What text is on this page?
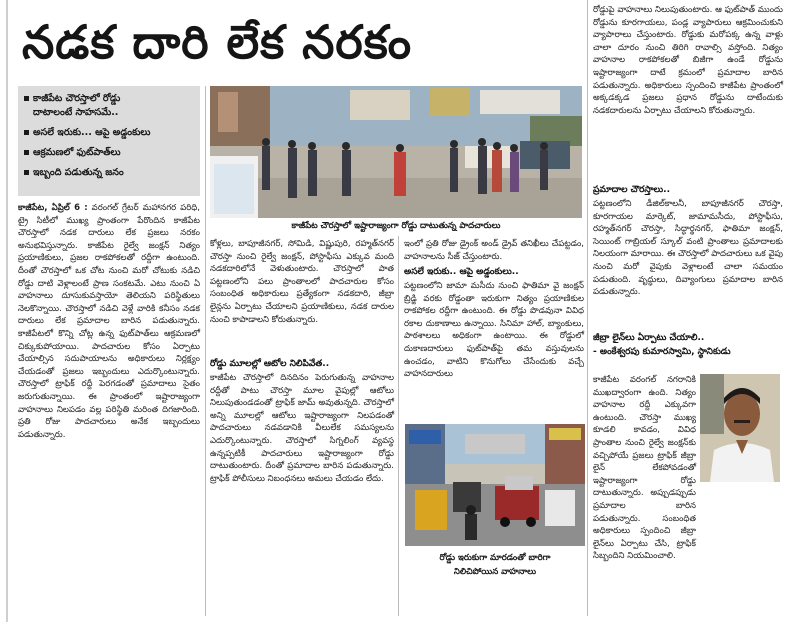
నడక దారి లేక నరకం
కాజీపేట చౌరస్తాలో రోడ్డు
దాటాలంటే సాహసమే..
అసలే ఇరుకు... ఆపై అడ్డంకులు
ఆక్రమణలో ఫుట్‌పాత్‌లు
ఇబ్బంది పడుతున్న జనం
కాజీపేట చౌరస్తాలో ఇష్టారాజ్యంగా రోడ్డు దాటుతున్న పాదచారులు
కాజీపేట, ఏప్రిల్ 6 : వరంగల్ గ్రేటర్ మహానగర పరిధి, ట్రై సిటీలో ముఖ్య ప్రాంతంగా పేరొందిన కాజీపేట చౌరస్తాలో నడక దారులు లేక ప్రజలు నరకం అనుభవిస్తున్నారు. కాజీపేట రైల్వే జంక్షన్ నిత్యం ప్రయాణికులు, ప్రజల రాకపోకలతో రద్దీగా ఉంటుంది. దీంతో చౌరస్తాలో ఒక చోట నుంచి మరో చోటుకు నడిచి రోడ్డు దాటి వెళ్లాలంటే ప్రాణ సంకటమే. ఎటు నుంచి ఏ వాహనాలు దూసుకువస్తాయో తెలియని పరిస్థితులు నెలకొన్నాయి. చౌరస్తాలో నడిచి వెళ్లే వారికి కనీసం నడక దారులు లేక ప్రమాదాల బారిన పడుతున్నారు. కాజీపేటలో కొన్ని చోట్ల ఉన్న ఫుట్‌పాత్‌లు ఆక్రమణలో చిక్కుకుపోయాయి. పాదచారుల కోసం ఏర్పాటు చేయాల్సిన సదుపాయాలను అధికారులు నిర్లక్ష్యం చేయడంతో ప్రజలు ఇబ్బందులు ఎదుర్కొంటున్నారు. చౌరస్తాలో ట్రాఫిక్ రద్దీ పెరగడంతో ప్రమాదాలు సైతం జరుగుతున్నాయి. ఈ ప్రాంతంలో ఇష్టారాజ్యంగా వాహనాలు నిలపడం వల్ల పరిస్థితి మరింత దిగజారింది. ప్రతి రోజు పాదచారులు అనేక ఇబ్బందులు పడుతున్నారు.
కోళ్లలు, బాపూజీనగర్, సోమిడి, విష్ణుపురి, రహ్మత్‌నగర్ చౌరస్తా నుంచి రైల్వే జంక్షన్, పోస్టాఫీసు ఎక్కువ మంది నడకదారిలోనే వెళుతుంటారు. చౌరస్తాలో పాత పట్టణంలోని పలు ప్రాంతాలలో పాదచారుల కోసం సంబంధిత అధికారులు ప్రత్యేకంగా నడకదారి, జీబ్రా లైన్లను ఏర్పాటు చేయాలని ప్రయాణికులు, నడక దారుల నుంచి కాపాడాలని కోరుతున్నారు.
రోడ్డు మూలల్లో ఆటోల నిలిపివేత..
కాజీపేట చౌరస్తాలో దినదినం పెరుగుతున్న వాహనాల రద్దీతో పాటు చౌరస్తా మూల వైపుల్లో ఆటోలు నిలుపుతుండడంతో ట్రాఫిక్ జామ్ అవుతున్నది. చౌరస్తాలో అన్ని మూలల్లో ఆటోలు ఇష్టారాజ్యంగా నిలపడంతో పాదచారులు నడవడానికి వీలులేక సమస్యలను ఎదుర్కొంటున్నారు. చౌరస్తాలో సిగ్నలింగ్ వ్యవస్థ ఉన్నప్పటికీ పాదచారులు ఇష్టారాజ్యంగా రోడ్డు దాటుతుంటారు. దీంతో ప్రమాదాల బారిన పడుతున్నారు. ట్రాఫిక్ పోలీసులు నిబంధనలు అమలు చేయడం లేదు.
ఇంలో ప్రతి రోజు డ్రైంక్ అండ్ డ్రైవ్ తనిఖీలు చేపట్టడం, వాహనాలను సీజ్ చేస్తుంటారు.
అసలే ఇరుకు.. ఆపై అడ్డంకులు..
పట్టణంలోని జామా మసీదు నుంచి ఫాతిమా వై జంక్షన్ బ్రిడ్జి వరకు రోడ్డంతా ఇరుకుగా నిత్యం ప్రయాణికుల రాకపోకల రద్దీగా ఉంటుంది. ఈ రోడ్డు పొడవునా వివిధ రకాల దుకాణాలు ఉన్నాయి. సినిమా హాల్, బ్యాంకులు, పాఠశాలలు అధికంగా ఉంటాయి. ఈ రోడ్డులో దుకాణదారులు ఫుట్‌పాత్‌పై తమ వస్తువులను ఉంచడం, వాటిని కొనుగోలు చేసేందుకు వచ్చే వాహనదారులు
రోడ్డు ఇరుకుగా మారడంతో బారిగా
నిలిచిపోయిన వాహనాలు
రోడ్డుపై వాహనాలు నిలుపుతుంటారు. ఆ ఫుట్‌పాత్ ముందు రోడ్డును కూరగాయలు, పండ్ల వ్యాపారులు ఆక్రమించుకుని వ్యాపారాలు చేస్తుంటారు. రోడ్డుకు మరోపక్క ఉన్న వాళ్లు చాలా దూరం నుంచి తిరిగి రావాల్సి వస్తోంది. నిత్యం వాహనాల రాకపోకలతో బిజీగా ఉండే రోడ్డును ఇష్టారాజ్యంగా దాటే క్రమంలో ప్రమాదాల బారిన పడుతున్నారు. అధికారులు స్పందించి కాజీపేట ప్రాంతంలో అక్కడక్కడ ప్రజలు ప్రధాన రోడ్డును దాటేందుకు నడకదారులను ఏర్పాటు చేయాలని కోరుతున్నారు.
ప్రమాదాల చౌరస్తాలు..
పట్టణంలోని డీజిల్‌కాలనీ, బాపూజీనగర్ చౌరస్తా, కూరగాయల మార్కెట్, జామామసీదు, పోస్టాఫీసు, రహ్మత్‌నగర్ చౌరస్తా, సిద్ధార్థనగర్, ఫాతిమా జంక్షన్, సెయింట్ గాబ్రియల్ స్కూల్ వంటి ప్రాంతాలు ప్రమాదాలకు నిలయంగా మారాయి. ఈ చౌరస్తాలో పాదచారులు ఒక వైపు నుంచి మరో వైపుకు వెళ్లాలంటే చాలా సమయం పడుతుంది. వృద్ధులు, దివ్యాంగులు ప్రమాదాల బారిన పడుతున్నారు.
జీబ్రా లైన్‌లు ఏర్పాటు చేయాలి..
- అంకేశ్వరపు కుమారస్వామి, స్థానికుడు
కాజీపేట వరంగల్ నగరానికి ముఖద్వారంగా ఉంది. నిత్యం వాహనాల రద్దీ ఎక్కువగా ఉంటుంది. చౌరస్తా ముఖ్య కూడలి కావడం, వివిధ ప్రాంతాల నుంచి రైల్వే జంక్షన్‌కు వచ్చిపోయే ప్రజలు ట్రాఫిక్ జీబ్రా లైన్ లేకపోవడంతో ఇష్టారాజ్యంగా రోడ్డు దాటుతున్నారు. అప్పుడప్పుడు ప్రమాదాల బారిన పడుతున్నారు. సంబంధిత అధికారులు స్పందించి జీబ్రా లైన్‌లు ఏర్పాటు చేసి, ట్రాఫిక్ సిబ్బందిని నియమించాలి.
